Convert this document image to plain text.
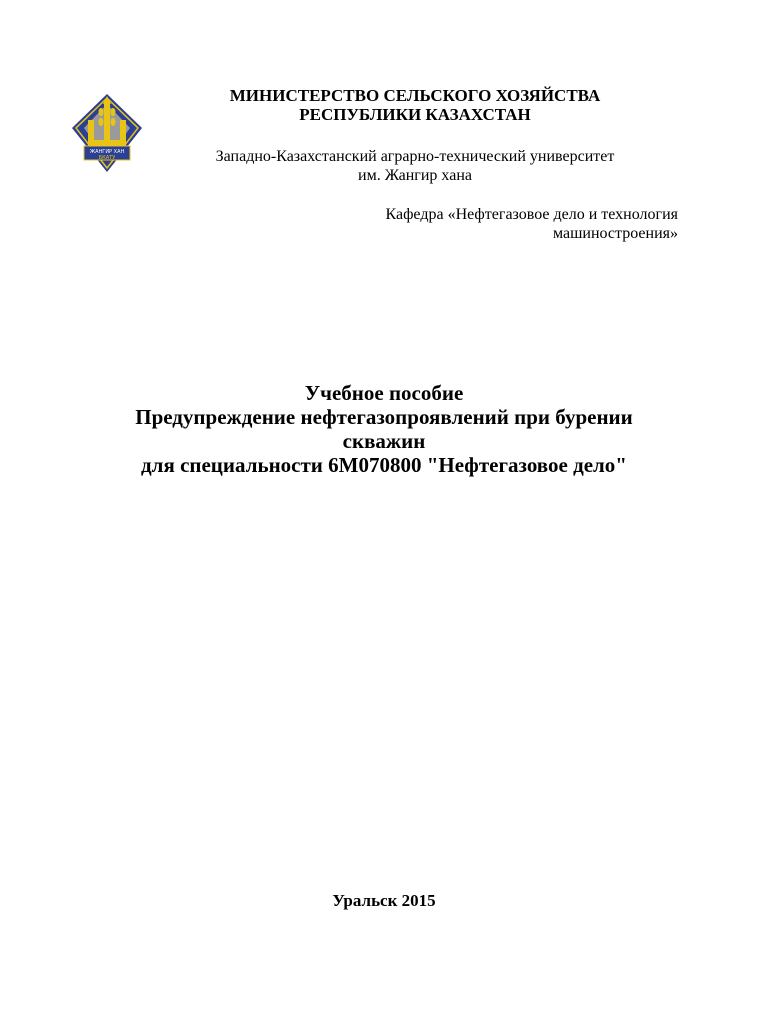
ЖАНГИР ХАН
БКАТУ
МИНИСТЕРСТВО СЕЛЬСКОГО ХОЗЯЙСТВА
РЕСПУБЛИКИ КАЗАХСТАН
Западно-Казахстанский аграрно-технический университет
им. Жангир хана
Кафедра «Нефтегазовое дело и технология
машиностроения»
Учебное пособие
Предупреждение нефтегазопроявлений при бурении
скважин
для специальности 6М070800 "Нефтегазовое дело"
Уральск 2015
